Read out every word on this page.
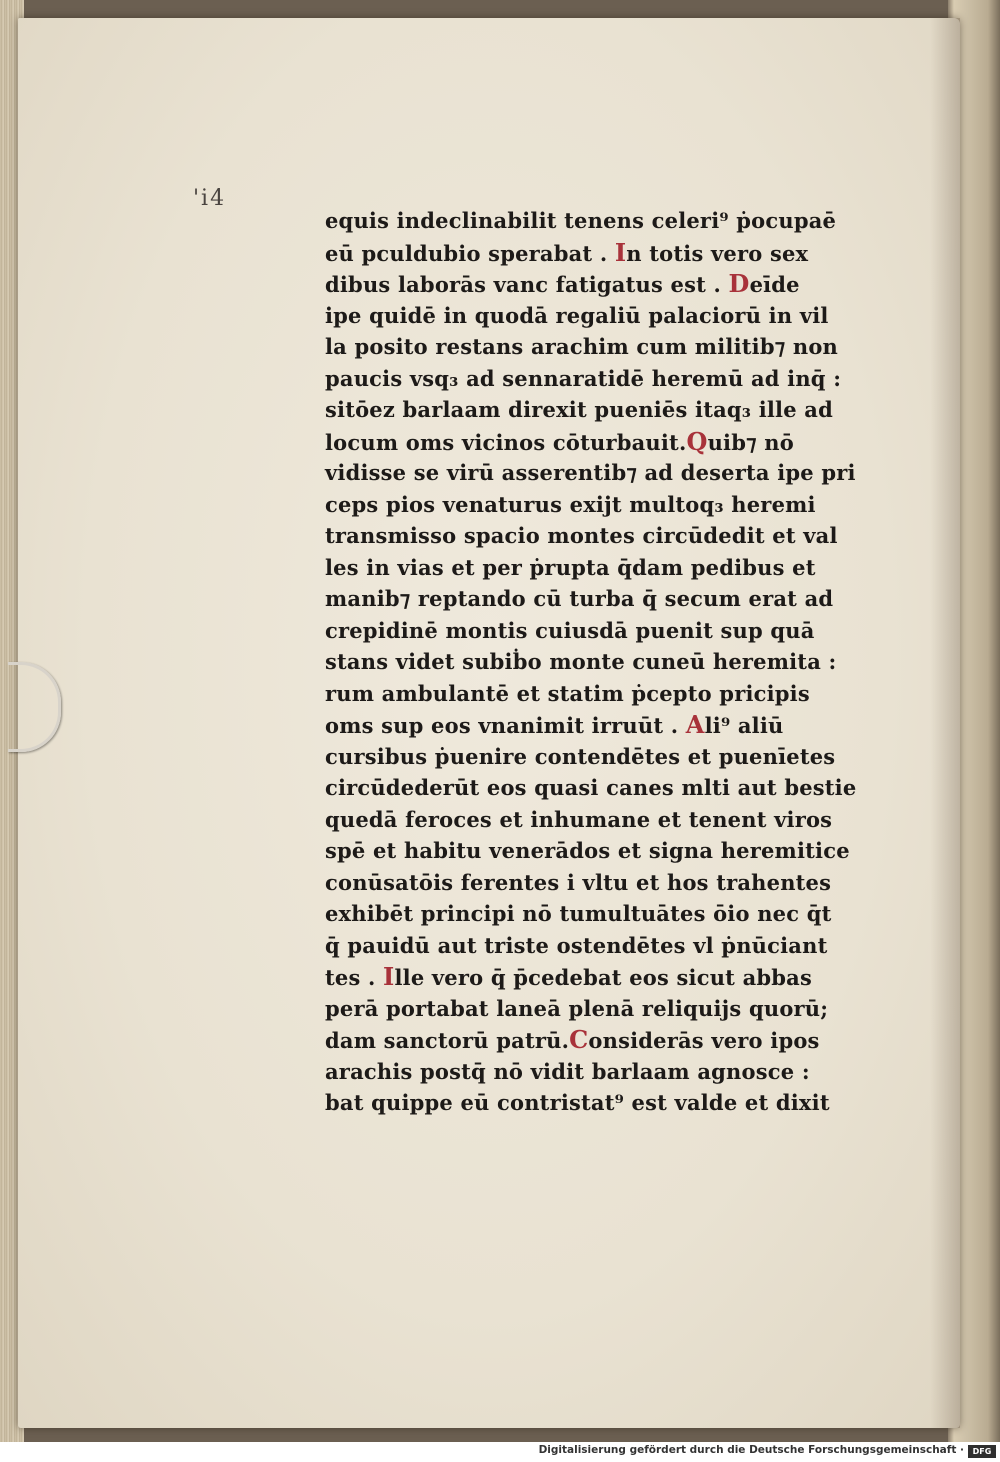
'i4
equis indeclinabilit tenens celeri⁹ ṗocupaē
eū pculdubio sperabat . In totis vero sex
dibus laborās vanc fatigatus est . Deīde
ipe quidē in quodā regaliū palaciorū in vil
la posito restans arachim cum militib⁊ non
paucis vsq₃ ad sennaratidē heremū ad inq̄ :
sitōez barlaam direxit pueniēs itaq₃ ille ad
locum oms vicinos cōturbauit.Quib⁊ nō
vidisse se virū asserentib⁊ ad deserta ipe pri
ceps pios venaturus exijt multoq₃ heremi
transmisso spacio montes circūdedit et val
les in vias et per ṗrupta q̄dam pedibus et
manib⁊ reptando cū turba q̄ secum erat ad
crepidinē montis cuiusdā puenit sup quā
stans videt subiḃo monte cuneū heremita :
rum ambulantē et statim ṗcepto pricipis
oms sup eos vnanimit irruūt . Ali⁹ aliū
cursibus ṗuenire contendētes et puenīetes
circūdederūt eos quasi canes mlti aut bestie
quedā feroces et inhumane et tenent viros
spē et habitu venerādos et signa heremitice
conūsatōis ferentes i vltu et hos trahentes
exhibēt principi nō tumultuātes ōio nec q̄t
q̄ pauidū aut triste ostendētes vl ṗnūciant
tes . Ille vero q̄ p̄cedebat eos sicut abbas
perā portabat laneā plenā reliquijs quorū;
dam sanctorū patrū.Considerās vero ipos
arachis postq̄ nō vidit barlaam agnosce :
bat quippe eū contristat⁹ est valde et dixit
Digitalisierung gefördert durch die Deutsche Forschungsgemeinschaft ·	DFG
